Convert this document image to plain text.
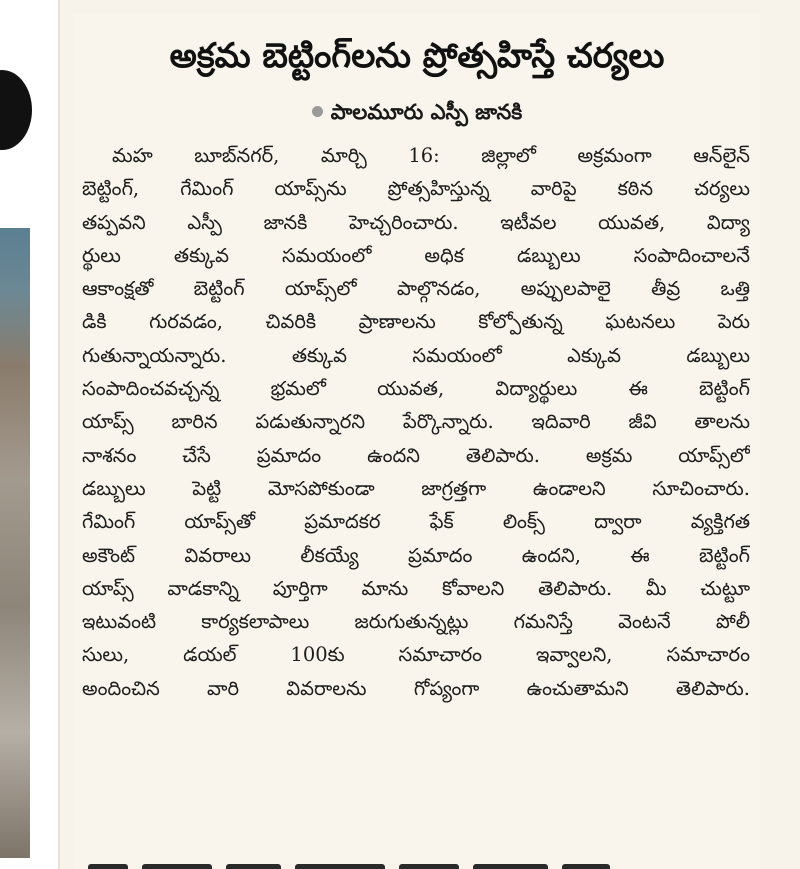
అక్రమ బెట్టింగ్‌లను ప్రోత్సహిస్తే చర్యలు
పాలమూరు ఎస్పీ జానకి
మహ బూబ్‌నగర్, మార్చి 16: జిల్లాలో అక్రమంగా ఆన్‌లైన్
బెట్టింగ్, గేమింగ్ యాప్స్‌ను ప్రోత్సహిస్తున్న వారిపై కఠిన చర్యలు
తప్పవని ఎస్పీ జానకి హెచ్చరించారు. ఇటీవల యువత, విద్యా
ర్థులు తక్కువ సమయంలో అధిక డబ్బులు సంపాదించాలనే
ఆకాంక్షతో బెట్టింగ్ యాప్స్‌లో పాల్గొనడం, అప్పులపాలై తీవ్ర ఒత్తి
డికి గురవడం, చివరికి ప్రాణాలను కోల్పోతున్న ఘటనలు పెరు
గుతున్నాయన్నారు. తక్కువ సమయంలో ఎక్కువ డబ్బులు
సంపాదించవచ్చన్న భ్రమలో యువత, విద్యార్థులు ఈ బెట్టింగ్
యాప్స్ బారిన పడుతున్నారని పేర్కొన్నారు. ఇదివారి జీవి తాలను
నాశనం చేసే ప్రమాదం ఉందని తెలిపారు. అక్రమ యాప్స్‌లో
డబ్బులు పెట్టి మోసపోకుండా జాగ్రత్తగా ఉండాలని సూచించారు.
గేమింగ్ యాప్స్‌తో ప్రమాదకర ఫేక్ లింక్స్ ద్వారా వ్యక్తిగత
అకౌంట్ వివరాలు లీకయ్యే ప్రమాదం ఉందని, ఈ బెట్టింగ్
యాప్స్ వాడకాన్ని పూర్తిగా మాను కోవాలని తెలిపారు. మీ చుట్టూ
ఇటువంటి కార్యకలాపాలు జరుగుతున్నట్లు గమనిస్తే వెంటనే పోలీ
సులు, డయల్ 100కు సమాచారం ఇవ్వాలని, సమాచారం
అందించిన వారి వివరాలను గోప్యంగా ఉంచుతామని తెలిపారు.
